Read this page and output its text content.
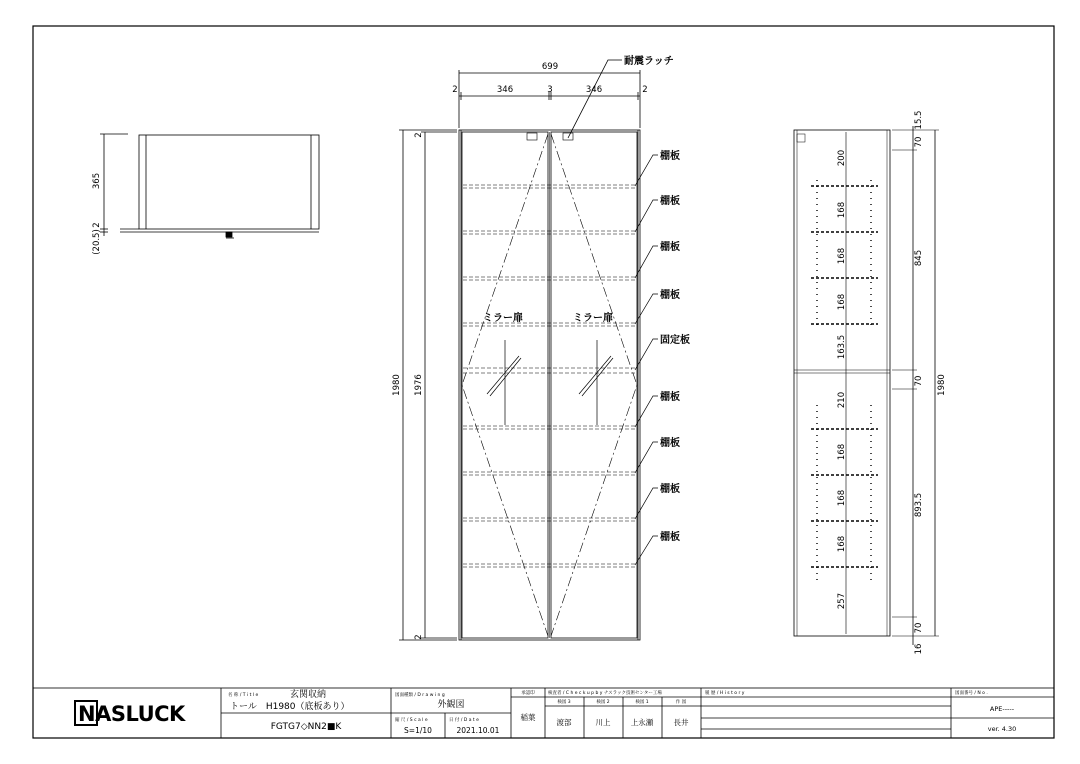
365
2
(20.5)
699
2	346	3	346	2
1980 1976
2
2
耐震ラッチ
ミラー扉	ミラー扉
棚板
棚板
棚板
棚板
固定板
棚板
棚板
棚板
棚板
200
168
168
168
163.5
210
168
168
168
257
15.5
70
845
70
893.5
70
16
1980
NASLUCK
名 称 / T i t l e	玄関収納
トール　H1980（底板あり）
FGTG7◇NN2■K
図面種類 / D r a w i n g
外観図
縮 尺 / S c a l e
S=1/10
日 付 / D a t e
2021.10.01
承認印
稲葉
検査者 / C h e c k u p b y ナスラック技術センター工場
検図 3	検図 2	検図 1	作 図
渡部	川上	上永瀬	長井
履 歴 / H i s t o r y	図面番号 / N o .
APE-----
ver. 4.30
